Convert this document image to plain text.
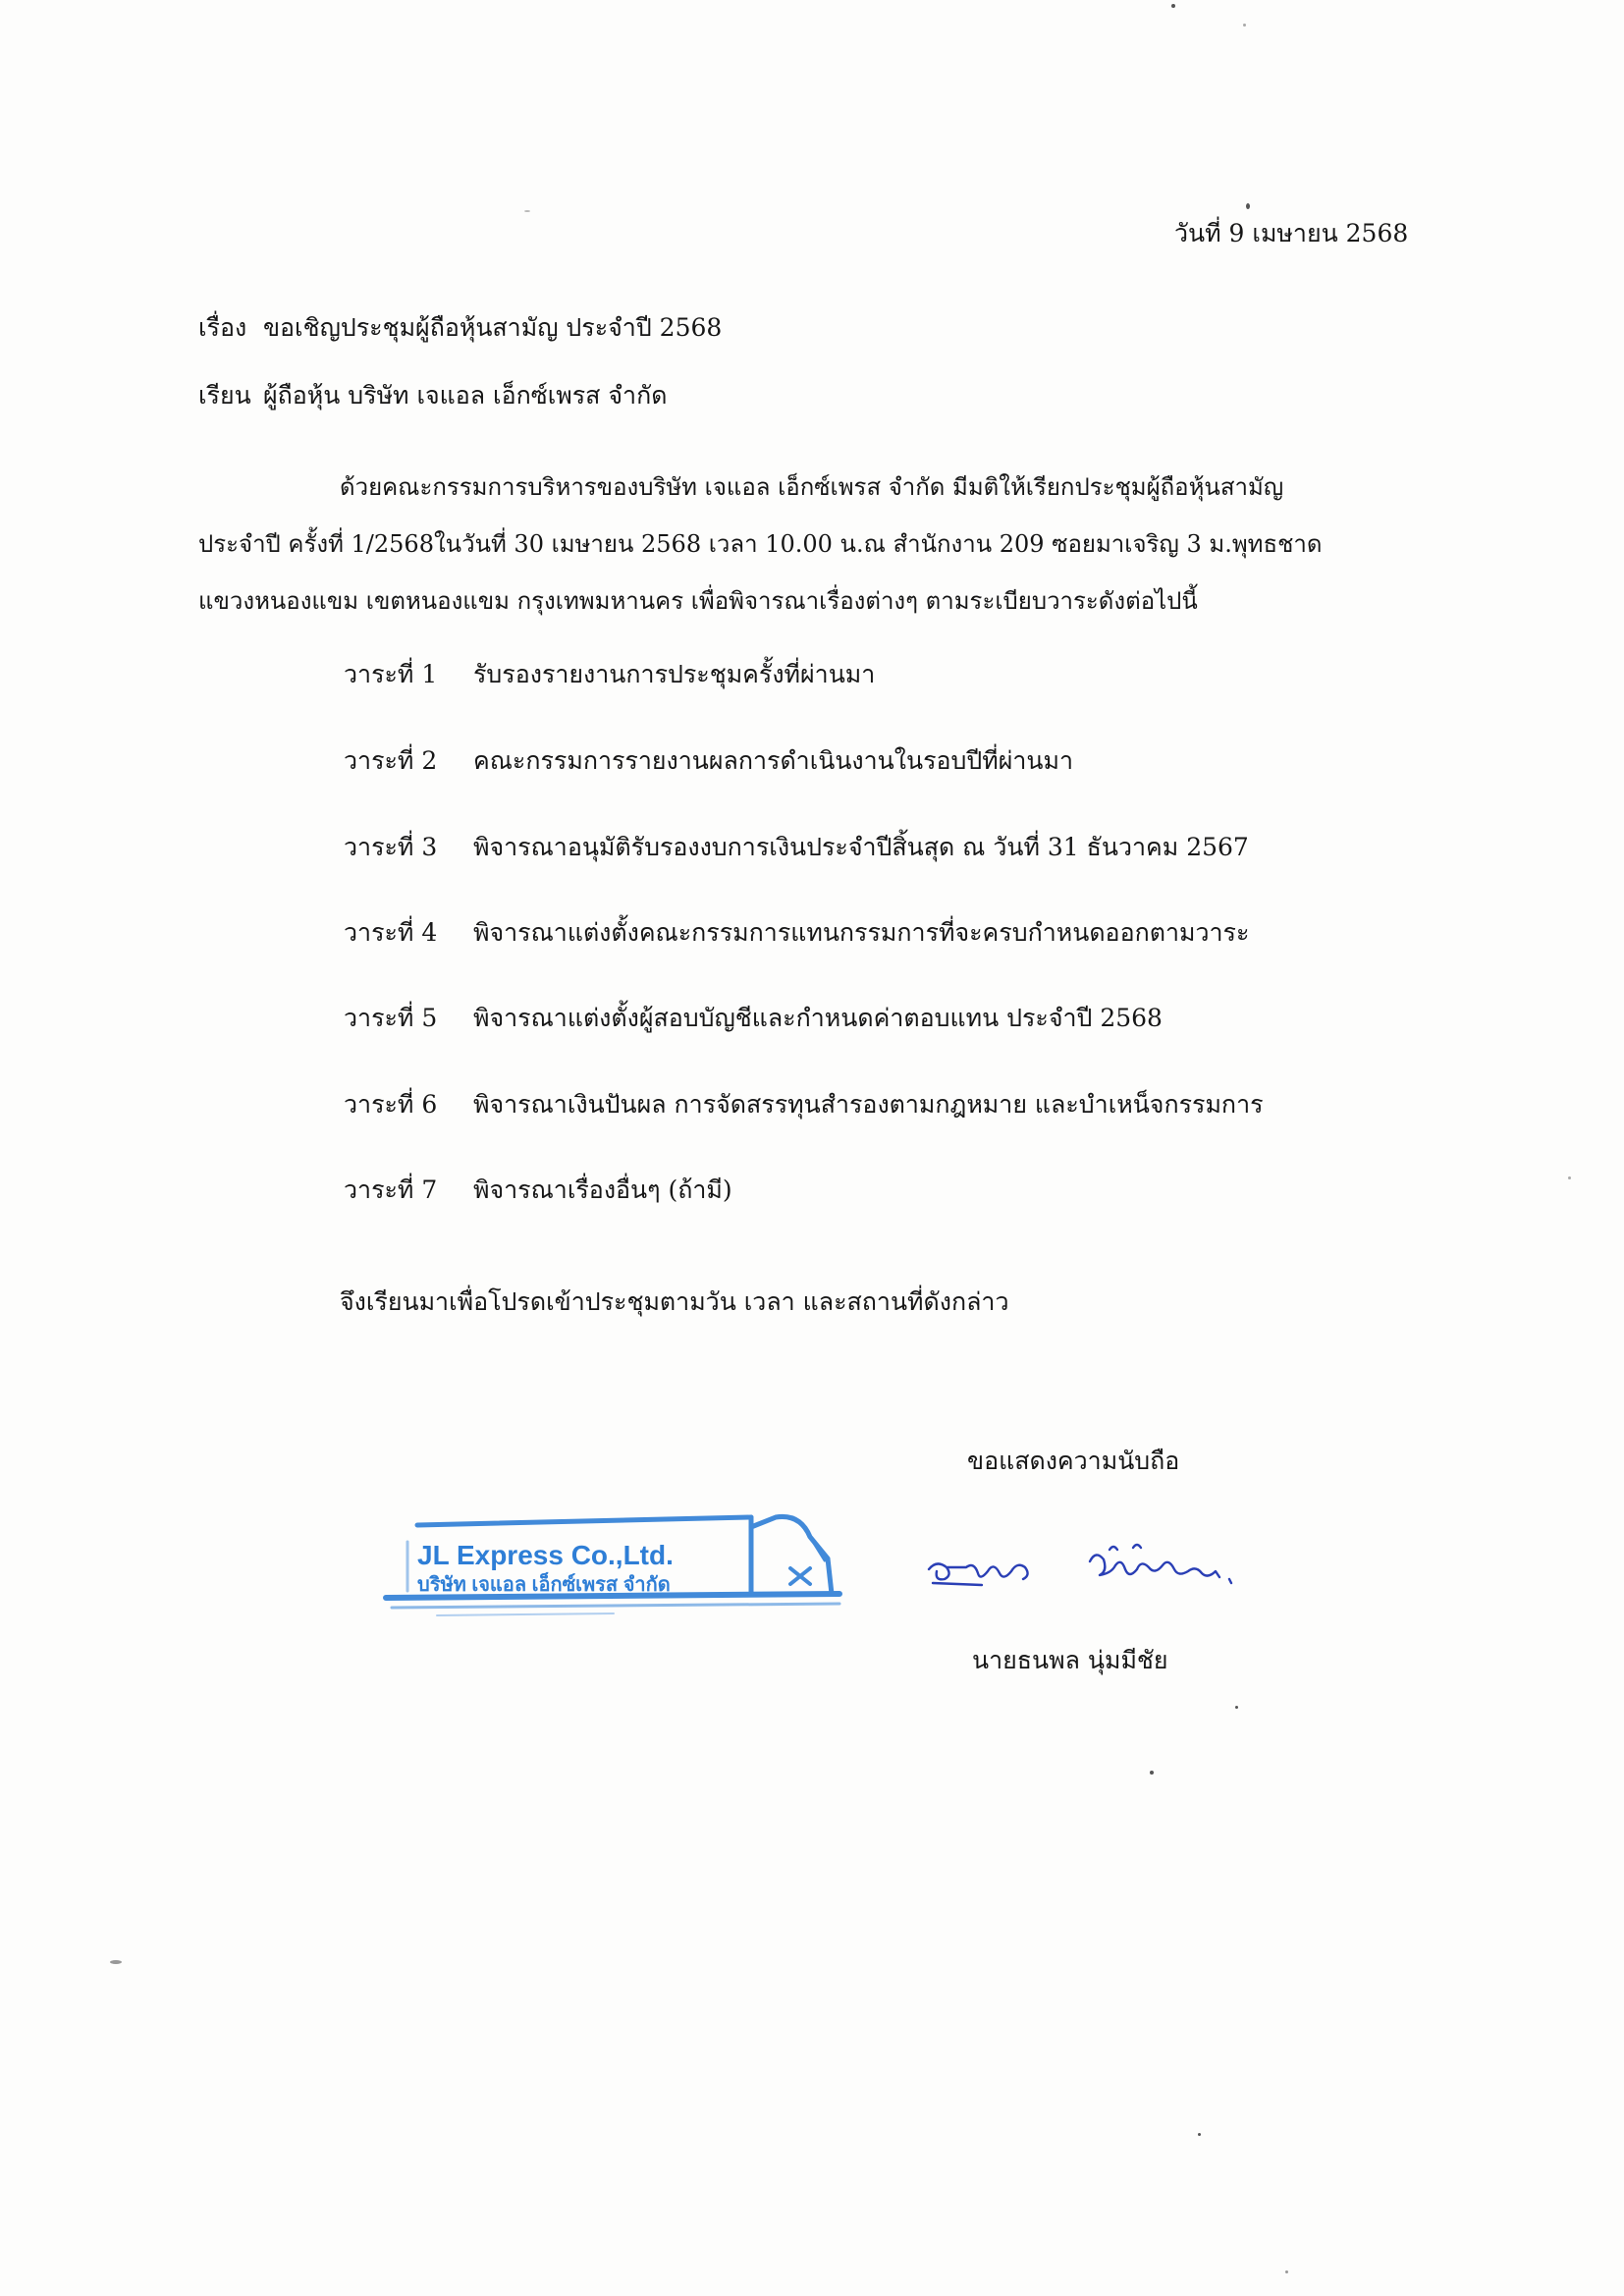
วันที่ 9 เมษายน 2568
เรื่อง ขอเชิญประชุมผู้ถือหุ้นสามัญ ประจำปี 2568
เรียน ผู้ถือหุ้น บริษัท เจแอล เอ็กซ์เพรส จำกัด
ด้วยคณะกรรมการบริหารของบริษัท เจแอล เอ็กซ์เพรส จำกัด มีมติให้เรียกประชุมผู้ถือหุ้นสามัญ
ประจำปี ครั้งที่ 1/2568ในวันที่ 30 เมษายน 2568 เวลา 10.00 น.ณ สำนักงาน 209 ซอยมาเจริญ 3 ม.พุทธชาด
แขวงหนองแขม เขตหนองแขม กรุงเทพมหานคร เพื่อพิจารณาเรื่องต่างๆ ตามระเบียบวาระดังต่อไปนี้
วาระที่ 1 รับรองรายงานการประชุมครั้งที่ผ่านมา
วาระที่ 2 คณะกรรมการรายงานผลการดำเนินงานในรอบปีที่ผ่านมา
วาระที่ 3 พิจารณาอนุมัติรับรองงบการเงินประจำปีสิ้นสุด ณ วันที่ 31 ธันวาคม 2567
วาระที่ 4 พิจารณาแต่งตั้งคณะกรรมการแทนกรรมการที่จะครบกำหนดออกตามวาระ
วาระที่ 5 พิจารณาแต่งตั้งผู้สอบบัญชีและกำหนดค่าตอบแทน ประจำปี 2568
วาระที่ 6 พิจารณาเงินปันผล การจัดสรรทุนสำรองตามกฎหมาย และบำเหน็จกรรมการ
วาระที่ 7 พิจารณาเรื่องอื่นๆ (ถ้ามี)
จึงเรียนมาเพื่อโปรดเข้าประชุมตามวัน เวลา และสถานที่ดังกล่าว
ขอแสดงความนับถือ
JL Express Co.,Ltd.
บริษัท เจแอล เอ็กซ์เพรส จำกัด
นายธนพล นุ่มมีชัย
